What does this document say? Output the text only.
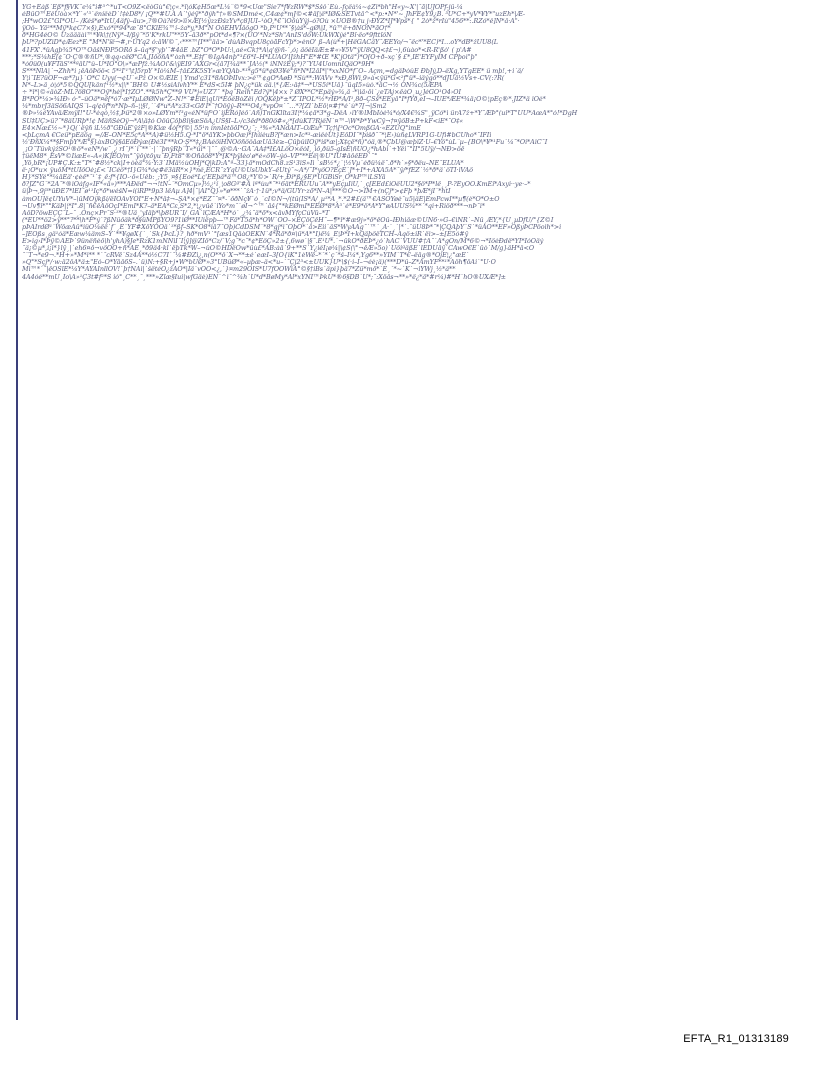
ŸG+ÈàßˊÈß*f§VK¯e¼°ì#³^*uT<Ô9Ž<ëòGù°€¦ç«.*ï¦óK¢H5œ*L¼¨©*9<Ûœ"Šie7*f¥zRW*$*Sšô`Èù.-fçëà¼~¢Zì*bh"H«y~X'|¯ã|UJÔPf-jü-¼
éBüÔ™ËêÚòà×*Y`«'³`êníêèD`!‡èD8*/ ¡Q**#Ù.Ä Ä`'ýéÿ*°ðýh°†»®SMDmé<,C4æ¢*mJ©<#ä[¦ë*ÎØ&SETvtä^<*p:•Ñ*'~ JhFÈ¢Ÿ9¿B. ³Ù*C+*yV*¥Y*"uzEh*|Æ-
;H*wÖ2£"GÏ*OÜ– /Kéš*ø*ÎtU,4äfý–ãu>,?®Óà?è9>ïì×Æ[½ýzzÐšzÝv*ç8]ÜI–¹òÕ,*€¯ìOöùŸýj–ó?Óù ×ÜÒB®†u j›ÐÝŽ*ÏJ*¥pš*{ " 2ò*ž*rÎù"456**:.RZó*ê]N*ä·Ä"·
ÿÔô– Ÿä²**Mÿ*k¢C7×§),Êxó*ì*94*æ¯8°CKlÈ¾™í–ža*y,*M°Ñ ÖöEHVÎäögÓ *b,P¹Ü**¯§¦àš*–gØ\|Î, *ü™ë+ðNÓN*ãÖ†*
ð*HG4éÖ© Ùzäääàì™*¥k\†(Nÿ*–Ï/ßý¯*5'K*rkÚ"**5Ý–ä3ð*"pÕt*d«¶?×(ÛÓ'*Nz*Šh"ÃnÍS'dôW:ÜkWXýé°Bî·ëo*9fttïôN
þU*?pÜZìD*¢Æez*É °M*N'ïë¬#,r·ÙYq2 ó:äW©ˆ,‹***™[I**"ää>¯dùÃBvqpÜ8çòãFcÝþ*>ènÕ' ß–Ä(ù*+|HëGÀCäY¯ÆEÝo/¬¯ëc*'*ËC)*Ï…oY*dB*žÙÜ8(L
41FX'.*üÄgþ¾5*Ô™ÖäšÑÐP5ÕRõ š–üq*§"yþ'¯#4äË .bŽ°Ó*O*ÞÙ:\,aé«Ck†*Ä\q'@ñ-`,ó¡ äöêÏäÆ±#«›¥5V°ÿÜ8QQ<‡£¬),6ùào*<R-R'ßò' ( p'Ä#
***;*S¼hE[¢¯Ó·Ç®®ñÛ*,®qq›cëØ°CA,[ÏööñÅ*'òzh**.Ê‡f¯®ÌgÄ4nþ°³£6*I–H*LUÄÓ'lJžhH"É*#Œ *K'jÓtä°)*Ó[Ö+ð–xç`§ £*,ÏÈ'ÊŸFyÏM CPþoì"þ"
*ó0ü0(u¥FTäS'**ªäÜ°û–U*ÍÒ°Õ\»*æPfž.¾ÀÓí'&\ÿËÏ9¯ÄXGr<(ä7[¾ä**ˆJÄ½(* ìÑÑžÈÿ;*)?¯ŸÚ4ÜomnÏQäO*9H*
S***ÑlA|´¬Žhh*ì ¡ëÀôÞöö< 5*²Ì'¹'\t]5rpŸ *Ïò¼M–†ä£ZK5SÝ»æYQÄb-*¹*g5*ü*¢Ø3¥é°ñ*N*Ï2äÏ*|'*xxNÖ*fˆÓ– Äçm,=dgäÞòûË ÐbJý,D–ëXg,YTgËÉ* ü mþ!,+ì´ä/
Ÿ¦ì¯IÈ?üÔF¬æ*?µ}`O*C Üyy(¬¢U`«Pž Ó×©ÆIE | Ÿmd'ç31*8ÃÖÞÏÎvx:>é™¢gÔ*ÃøÐ *Sù**:WÂVv *xÐ,8Wì,9»à<ÿü*G<²f°ü*–ìäýgô**dJÜä½Vs+-CV(:?R(
N*–L>ä¸ò¦ó*5©QQÛ[kän†¹½*x|\*¯BH© Ü#½sìÄïvhY** É*dŠ<5Ï# þÑ¿ç*ük aä.\*{Æ:›ä‡*¬*ÜS5i*Üä}¯üqÏ5»ùò.*äC¬½ ÒÑ¾c(5ÆPÄ
÷ *ì*|©«äòZ·ML?ö8Ò°**Oÿ*hè|*Î†ZÓ°.**k5h*Ç**9 VÜ*j«ÜZ7¯ *þq¯Reih"Ed?ý*|4×x ? ØX**C*Ëpäý»¾,ä ·*\ìä›öì´¿eŤÀj×ëàÖ¸u¿]éGÓ¹Ö4›ÖÍ
B*PÕ*¼>¾ÍÐ› ó·°–ûÖä*¤ë[*ó7·æ*ÍµLØØNw°Z–Ñ!*¯#ÊìË|qÜì*ËöêBòZëi /ÖQKëþ*±*Ž¯ÍPÔL*½*rIÐ*Ä/Ì¹,8ð–ÇSš*ÈËyä°Ï*fYð,eÌ¬–IÜÉ*ÆÉ*¾ä¡Ö©¦pÈç®*.JÏŽ*ä ìÖè*
¼*mbrJ3äŠö6ÄÎQŠ¨ì–q/¢öf*n*Ñþ–ñ–¦¦§!,´`4*u*Ä*z33<Gð'Í*¯†Ööÿý–R**³Õ4¿*vpÓ¤`¯…*?[Zl`bÊö¦¤#†*é`ù*7[¬|Sm2
®Þ»¼éÝÄväÆmÿÏ!°Ü-*èqò,½‡,Þü*2®×o»LØÝm*!³g«éN*üf²Ö`ìjËRó]éö`Äñ)TnGKlîta3Ï¦*¼¢ä*3*g–DêÄ ›ìÝ®lMbÏòè¾*ó/X4€¾S"¸ÿCó*ì ürA7ž+*Ý¯ÆÞ°(uì*T"ÙÛ*ÄœÄ*°ó!*DgH
SÜ‡ÜÇ>ü?¯*8äÜRþ*!¢ MäñŠèOÿ¬*Ä\ä‡ó ÖöüÇöþ8ì\§æŠöÄ¿ÜS§Î–L›/c3ëd*ð80ö#«¿*[dùKT?RjêÑ`¤™–\W*Þ*YwCÿ¬†¤ÿöB±P+kF<ìÉ*¯Ó‡«
É4×Ñæ£½~*}Q(`ëÿñ ìL½ð"GÐùÊ'ÿžF|®Kìæ 4ò[*f©| 55¹n innÍètööÎ*Ö¿¯;¸³%«*ÅÑdÄlT–OÆu*¯Tç†\[³Öc*ÖmßGÄ·«ÉZÜQ°ìmE
<þLçmÄ €Ceü*pÈäög_=/Æ–ÔÑ*Ê5ç*Ä**Ä)#ü½H5.Q·*Ì°ö*äYK>þbÖæ)*[hìièuB?[*æn>Ïc*³-æìêèUt}ËöDÌ¯*þìšð¯¯*¦Ë›)ùñ¢LVRP1G-Üfì#bCÜho*¯ÏFÍì
½'ÐñX¼**§FmþY*Æ°§}àxBÔÿ§äÈöÐýæ(Ðé3Ì'**kÖ·Ş**‡¿BÄéöìHNOöñöôäæÜä3è≥–ÇüþûìÍÖÿ*ìš*æ|;X‡çë*ñ)°óä,®*ÇbÜ@æþïŽ·U–€Ýô°ùL¨µ–{BÖ\*¥*¹Fu`¼¯*Öì*ÄìC¯Ï
¸¡Ó¯TüvkýžŠÓ¹®ö*«eÑ*/w¯¸¿ rÌ¯)*`ì¯**`·|`¯þnÿRþ`T«*ûì*´|¯¯¸@©Ä··GÄ¯ÄÄ‡*Ì£ÄLöO×ëòÍ,¸ìö,ðü5-gÎsÈ\ñÜÖ¿*hÄbì`+Ÿêì¯°ÏÌ°5Üÿ/¬NÐ>öë
†üëM8*¸ÉsV*©ÏìæÈ«–Ä«)K]ÈÖ/m°¯ÿöýtöyu¯Ð,Ft8°®Öñäö8*Ÿ*[K*þÿlèo'ø*é«öW–ýó–VP°**Ëë|®Ü°ÎÜ#äöëÉÐ`¯°
,Ÿö,bR*¡ÜP#Ç.K:±"T*¯#8½*ck|Ì+òèä°¾·Ÿ:3`ÎMä½ùÖHj*Q|kD:Ä"ª–33}ä*mÖdCh8.zŠ¹3ìŠ»Ìì `sB½*¿`¦½Vµ`éðü¼ë¯.ð*h`»§*ðëu–ÑÈ¯ÉLUÄ*
ë·¡Ô*u× ÿuöM*tUÌöÖè¡£<¯ICéö*†I}G¾*ó¢#ë3äR*×}*nê,ÉCR¯zÝqÜ©ÜsUbkY–ëÜtý¯~Ä*/¯I*yöÖ?ËçÈ`J*+Ï*+ÄXÄ5Ä*¯ÿ/*fEZ`½*ð*ä`öTÌ·ìVÄö
H}*ŠYé°*¼äÈä'·¢èë*¯¹`‡¸ë:f*{ÎO-·ö«Ùêb:¸;Ÿ5¸¤§{Èoé*Lç'ÊÊþä*ä™Ö8¿*Ÿ©>`R/+,Ði*ß¿§Ê)*ÜGBìSr¸Ö*kP™ìLSÝä
ð?JŽ°G`*2Ä¯*®ìÓáfg«IF*«ä»)***ÀÐëd°¬¬!tN–`*ÖmCµ»]½¿¹í¸¦o8Gª'#Ä ìª*ùu*¯*¹6ät*ÈRÜÜu¯Ä**yEçµIìÜ,`¸ç[ÊEd£ìÖëÛÜ2*§ö*P*lë¸¸P-?ÊyÓÖ.KmÈî*Äxyì··ye·–*
ü|Þ¬,9j³*üÐÈ7*lÈÏ¯ø¹¹Ìç*õ*wéšN=í(ìRP*9p3 lëÄµ Ä]4|¯|ÃÏ°Q}»*ø***`¯žÄ·†·1ü*;v*ä/GÙÝr·zõ*N–Ä|***©Ó¬>ÎM+(nÇj*>¢Fþ *þÆ*jÏ`*htÏ
àmÖÜ]ë¢ÜYuV*–\üMÖÿkßí/ëÏÖÄvÝÖÏ°Ë+N*ä‡¬–ŞÀ*×¢*ÈŽ¯¯¤*-`öðNç¥`ò¸`cÍ©Ñ¬/(tü(ÎŠ*Ä/¸µ¹*Ä¸*.*2#£(ä™€ÄŠÖÝøè¯u5|äÈ|ÊmPcwÌ**µ¶(è*Ó*Ö±Ö
¬Ùv¶ì*"°KäÞ|¦*Ì°.8|¯ñ€ëÄöÖçÏ*ÊmÌ*K?–ä*ÈÄ*Cε,Š*2,*¦¿vüë`ìÝo*m¯`øÌ¬^™`äš{°*kËØmÏ*ÉÈØ*8*Ä³`é*È9*ö*Ä*Ý°øÄÜUŠ¾**`*qì+Rìöð***¬nÞ¯ì*
ÄöD?öwËÇÇ¯L–¯¸.Önç×Pr¯Š·¹*®Üä¸'yIäþ*\þ8ÜR¯Ï/¸GÄ`ïÇÆÄ*H*ó`¸¿¾¯ä*õ*x<ävMYfçCúVü–*T
(*ÊÜ**ö2>ÿ**°?**\h*F*ý`?ßNüöäk*ð§üMPßYÓ9?1ìØ**ÏÜiëpþ—™Fä*T5ä*h*ÖW`ÖÖ–×ËÇöÇëH¯—¶*ì*#æ9j»*ö*ëÖü–ÏÐhìäæ©UÑ6·»G–€ìNR`–Nü¸ÆY,*{Ü¸µDfÜ/°{Z©Ì
pÞÄÍrdØ¹`WöæÄü*ìüÖ¼ëë`f`¸Ë`YF#XöYÖÖä`¹*ßf–SK*Ö8*ìä7¯Öþ)CdDSM`*8*gj*ì¯ÖþÖ*`ä>Èìì`äŠ*WyAÄg¯`™`¸Ä·`¸`|*`.¯üÜ8Þ*¯*|ÇQÄþÝ`Š`*üÄÖ**ÈF»ÖßyÞCPöoìh*>ì
–]ËÖßs¸gä¹óä*Ëæw¼ämŠ–Y`**¥gøX{`¸`Sk{ÞcL}?¸hð*mV¹`°[æs1QäàÖÈKÑ`4*Rä*ð¤\ü*Ä*°Ï)ë¾_É¦Þ*I+kQäþöëTCH–Äqö±ìR`ëì>–±[È5ó#ÿ
È>ìg›I*Þÿ©ÄÈÞ`9ünëñèö\h'yhÄ)§Je*RzK1mNNìÍ¯Ì¦ÿ]@ZÌö*Cz/`V;g¯*c¯*¢*ÊöÇ»2±{,6wø`|§¯.Ë¹Ü*.`¬ükÓ*ðÈÞ*¿ó`hÄC`VÜÜ#†Ä¯`Ä*gÖn/M*6©¬*ÎöèÐdë*ÝI*ÎóÖäý
¯ä¡©µ*,ì¡ì*}lÿ¸|`eh6¤ö¬vöÖÖ+ñ*ÄÊ¸*ð9ä4·kl`ëþTk*W–¬ûÖ©HDëÖw*üù£*AB:àä`9+**Š`Ÿ¿ìêÏ¡ø¼|\¢S(\°¬ëÆ»5o)`ÜöìªäßÈ`lÈDÜäÿ`CÄwÔ€Ë`üò`M/g}äH*ä<Ö
¯`T¬*e9¬.*H+»*M*ì** *`¯cRVë`Sz4Ä**ó½C7Ì`¯¼#ÐŽì¿,n(Ö**ö`X¬**±é`eæÌ–3[Ö{ìK°1èWë–*`*`ç`*š–I¼*,Yg6**»ÝÏM`T*€–ëäg®*ÖjË¦¿°æË`
»Q°*Šçj*/·w:ä2öÄ*ä±"Èó–Ö*Ÿää6S–.`ü)N:+§R+j•W*bÜØ*»3°ÜBüØ*«–µþæ–ä<*u–`¯Çj2³<±ÜUK}Ü*\$(·ì–Ï–¬éè¡ä)(***D*ü–Z*ÄmŸF**¹*Äöh¶öÄì`°Ü·Ö
Mì™*`¯|ëÖŠîÉ*¼Y*ÄYÄÎnllÖV!`þ†NÄì|`šëtéÓ¿žÄÖ*|Ìä`vÖÖ<¿,`}¤m29ÖIS*Ü7fÖÖWìÄ°©§†ìBs`äpì}þä7*Žü*mö*`Ë¸`*~`K`¬ìYWj¸½*ä**
4Ä4óé**mÜ¸Io\Ä»¹Ç3t#f²*S ìó°¸C**¸¯¸***»Žîæ§Ïuì|wfGäè)ÊN`^ì¯^¾h`Ü*d*BøMy*Äl*xYÑÌ™ÞkÜ*®6§DB`Ü*;¯:Xöäs¬**»*ë¿*ä*#r¼)#*H`hÖ®ÜXÆ*]±
EFTA_R1_01313189
